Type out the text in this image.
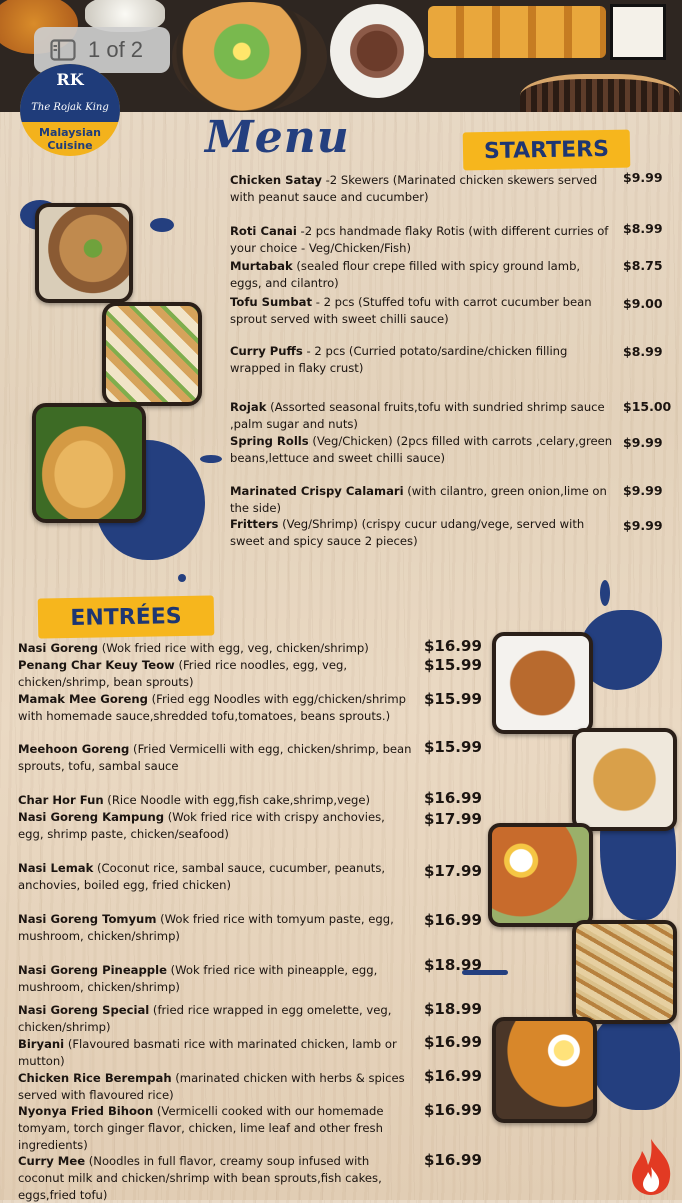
1 of 2
RK
The Rojak King
Malaysian
Cuisine	Menu	STARTERS
Chicken Satay -2 Skewers (Marinated chicken skewers served with peanut sauce and cucumber)
$9.99
Roti Canai -2 pcs handmade flaky Rotis (with different curries of your choice - Veg/Chicken/Fish)
$8.99
Murtabak (sealed flour crepe filled with spicy ground lamb, eggs, and cilantro)
$8.75
Tofu Sumbat - 2 pcs (Stuffed tofu with carrot cucumber bean sprout served with sweet chilli sauce)
$9.00
Curry Puffs - 2 pcs (Curried potato/sardine/chicken filling wrapped in flaky crust)
$8.99
Rojak (Assorted seasonal fruits,tofu with sundried shrimp sauce ,palm sugar and nuts)
$15.00
Spring Rolls (Veg/Chicken) (2pcs filled with carrots ,celary,green beans,lettuce and sweet chilli sauce)
$9.99
Marinated Crispy Calamari (with cilantro, green onion,lime on the side)
$9.99
Fritters (Veg/Shrimp) (crispy cucur udang/vege, served with sweet and spicy sauce 2 pieces)
$9.99
ENTRÉES
Nasi Goreng (Wok fried rice with egg, veg, chicken/shrimp)	$16.99
Penang Char Keuy Teow (Fried rice noodles, egg, veg, chicken/shrimp, bean sprouts)
$15.99
Mamak Mee Goreng (Fried egg Noodles with egg/chicken/shrimp with homemade sauce,shredded tofu,tomatoes, beans sprouts.)
$15.99
Meehoon Goreng (Fried Vermicelli with egg, chicken/shrimp, bean sprouts, tofu, sambal sauce
$15.99
Char Hor Fun (Rice Noodle with egg,fish cake,shrimp,vege)	$16.99
Nasi Goreng Kampung (Wok fried rice with crispy anchovies, egg, shrimp paste, chicken/seafood)
$17.99
Nasi Lemak (Coconut rice, sambal sauce, cucumber, peanuts, anchovies, boiled egg, fried chicken)
$17.99
Nasi Goreng Tomyum (Wok fried rice with tomyum paste, egg, mushroom, chicken/shrimp)
$16.99
Nasi Goreng Pineapple (Wok fried rice with pineapple, egg, mushroom, chicken/shrimp)
$18.99
Nasi Goreng Special (fried rice wrapped in egg omelette, veg, chicken/shrimp)
$18.99
Biryani (Flavoured basmati rice with marinated chicken, lamb or mutton)
$16.99
Chicken Rice Berempah (marinated chicken with herbs & spices served with flavoured rice)
$16.99
Nyonya Fried Bihoon (Vermicelli cooked with our homemade tomyam, torch ginger flavor, chicken, lime leaf and other fresh ingredients)
$16.99
Curry Mee (Noodles in full flavor, creamy soup infused with coconut milk and chicken/shrimp with bean sprouts,fish cakes, eggs,fried tofu)
$16.99
